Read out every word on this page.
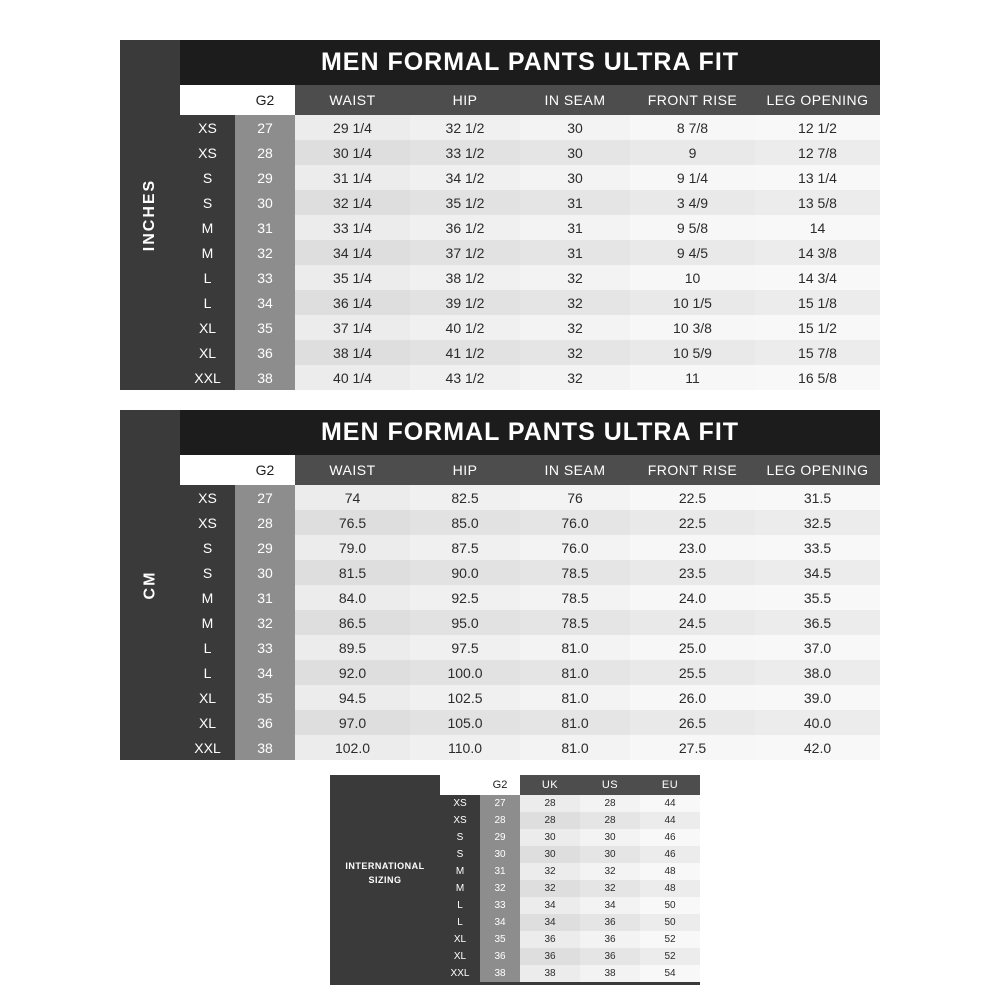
MEN FORMAL PANTS ULTRA FIT
INCHES
	G2	WAIST	HIP	IN SEAM	FRONT RISE	LEG OPENING
XS	27	29 1/4	32 1/2	30	8 7/8	12 1/2
XS	28	30 1/4	33 1/2	30	9	12 7/8
S	29	31 1/4	34 1/2	30	9 1/4	13 1/4
S	30	32 1/4	35 1/2	31	3 4/9	13 5/8
M	31	33 1/4	36 1/2	31	9 5/8	14
M	32	34 1/4	37 1/2	31	9 4/5	14 3/8
L	33	35 1/4	38 1/2	32	10	14 3/4
L	34	36 1/4	39 1/2	32	10 1/5	15 1/8
XL	35	37 1/4	40 1/2	32	10 3/8	15 1/2
XL	36	38 1/4	41 1/2	32	10 5/9	15 7/8
XXL	38	40 1/4	43 1/2	32	11	16 5/8
MEN FORMAL PANTS ULTRA FIT
CM
	G2	WAIST	HIP	IN SEAM	FRONT RISE	LEG OPENING
XS	27	74	82.5	76	22.5	31.5
XS	28	76.5	85.0	76.0	22.5	32.5
S	29	79.0	87.5	76.0	23.0	33.5
S	30	81.5	90.0	78.5	23.5	34.5
M	31	84.0	92.5	78.5	24.0	35.5
M	32	86.5	95.0	78.5	24.5	36.5
L	33	89.5	97.5	81.0	25.0	37.0
L	34	92.0	100.0	81.0	25.5	38.0
XL	35	94.5	102.5	81.0	26.0	39.0
XL	36	97.0	105.0	81.0	26.5	40.0
XXL	38	102.0	110.0	81.0	27.5	42.0
INTERNATIONAL SIZING
	G2	UK	US	EU
XS	27	28	28	44
XS	28	28	28	44
S	29	30	30	46
S	30	30	30	46
M	31	32	32	48
M	32	32	32	48
L	33	34	34	50
L	34	34	36	50
XL	35	36	36	52
XL	36	36	36	52
XXL	38	38	38	54
